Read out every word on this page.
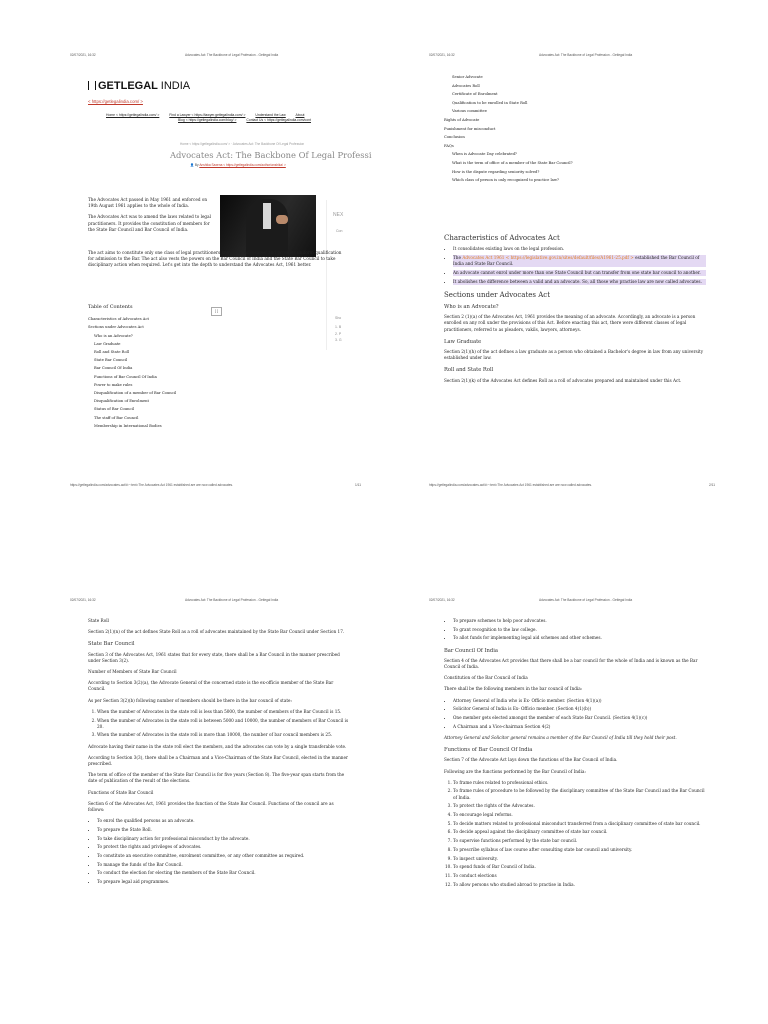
02/07/2021, 16:32	Advocates Act: The Backbone of Legal Profession - Getlegal India
GETLEGAL INDIA
< https://getlegalindia.com/ >
Home < https://getlegalindia.com/ >	Find a Lawyer < https://lawyer.getlegalindia.com/ >	Understand the Law	About
Blog < https://getlegalindia.com/blog/ >	Contact Us < https://getlegalindia.com/cont
Home < https://getlegalindia.com/ > · Advocates Act: The Backbone Of Legal Profession
Advocates Act: The Backbone Of Legal Professi
👤 By Anshika Saxena < https://getlegalindia.com/author/anshika/ >
NEX
Con
Sho
1. B
2. P
3. G

The Advocates Act passed in May 1961 and enforced on 19th August 1961 applies to the whole of India.

The Advocates Act was to amend the laws related to legal practitioners. It provides the constitution of members for the State Bar Council and Bar Council of India.

The act aims to constitute only one class of legal practitioners known as 'Advocates' and provides uniform qualification for admission to the Bar. The act also vests the powers on the Bar Council of India and the State Bar Council to take disciplinary action when required. Let's get into the depth to understand the Advocates Act, 1961 better.

Table of Contents
Characteristics of Advocates Act
Sections under Advocates Act
Who is an Advocate?
Law Graduate
Roll and State Roll
State Bar Council
Bar Council Of India
Functions of Bar Council Of India
Power to make rules
Disqualification of a member of Bar Council
Disqualification of Enrolment
Status of Bar Council
The staff of Bar Council
Membership in International Bodies
[ ]
https://getlegalindia.com/advocates-act/#:~:text=The Advocates Act 1961 established are are now called advocates.	1/11
02/07/2021, 16:32	Advocates Act: The Backbone of Legal Profession - Getlegal India
Senior Advocate
Advocates Roll
Certificate of Enrolment
Qualification to be enrolled in State Roll
Various committee
Rights of Advocate
Punishment for misconduct
Conclusion
FAQs
When is Advocate Day celebrated?
What is the term of office of a member of the State Bar Council?
How is the dispute regarding seniority solved?
Which class of person is only recognized to practice law?
Characteristics of Advocates Act
• It consolidates existing laws on the legal profession.
• The Advocates Act 1961 < https://legislative.gov.in/sites/default/files/A1961-25.pdf > established the Bar Council of India and State Bar Council.
• An advocate cannot enrol under more than one State Council but can transfer from one state bar council to another.
• It abolishes the difference between a valid and an advocate. So, all those who practise law are now called advocates.
Sections under Advocates Act
Who is an Advocate?

Section 2 (1)(a) of the Advocates Act, 1961 provides the meaning of an advocate. Accordingly, an advocate is a person enrolled on any roll under the provisions of this Act. Before enacting this act, there were different classes of legal practitioners, referred to as pleaders, vakils, lawyers, attorneys.

Law Graduate

Section 2(1)(h) of the act defines a law graduate as a person who obtained a Bachelor's degree in law from any university established under law.

Roll and State Roll

Section 2(1)(k) of the Advocates Act defines Roll as a roll of advocates prepared and maintained under this Act.

https://getlegalindia.com/advocates-act/#:~:text=The Advocates Act 1961 established are are now called advocates.	2/11
02/07/2021, 16:32	Advocates Act: The Backbone of Legal Profession - Getlegal India

State Roll

Section 2(1)(n) of the act defines State Roll as a roll of advocates maintained by the State Bar Council under Section 17.

State Bar Council

Section 3 of the Advocates Act, 1961 states that for every state, there shall be a Bar Council in the manner prescribed under Section 3(2).

Number of Members of State Bar Council

According to Section 3(2)(a), the Advocate General of the concerned state is the ex-officio member of the State Bar Council.

As per Section 3(2)(b) following number of members should be there in the bar council of state:

1. When the number of Advocates in the state roll is less than 5000, the number of members of the Bar Council is 15.
2. When the number of Advocates in the state roll is between 5000 and 10000, the number of members of Bar Council is 20.
3. When the number of Advocates in the state roll is more than 10000, the number of bar council members is 25.

Advocate having their name in the state roll elect the members, and the advocates can vote by a single transferable vote.

According to Section 3(3), there shall be a Chairman and a Vice-Chairman of the State Bar Council, elected in the manner prescribed.

The term of office of the member of the State Bar Council is for five years (Section 8). The five-year span starts from the date of publication of the result of the elections.

Functions of State Bar Council

Section 6 of the Advocates Act, 1961 provides the function of the State Bar Council. Functions of the council are as follows:

• To enrol the qualified persons as an advocate.
• To prepare the State Roll.
• To take disciplinary action for professional misconduct by the advocate.
• To protect the rights and privileges of advocates.
• To constitute an executive committee, enrolment committee, or any other committee as required.
• To manage the funds of the Bar Council.
• To conduct the election for electing the members of the State Bar Council.
• To prepare legal aid programmes.
02/07/2021, 16:32	Advocates Act: The Backbone of Legal Profession - Getlegal India
• To prepare schemes to help poor advocates.
• To grant recognition to the law college.
• To allot funds for implementing legal aid schemes and other schemes.
Bar Council Of India

Section 4 of the Advocates Act provides that there shall be a bar council for the whole of India and is known as the Bar Council of India.

Constitution of the Bar Council of India

There shall be the following members in the bar council of India:

• Attorney General of India who is Ex- Officio member. (Section 4(1)(a))
• Solicitor General of India is Ex- Officio member. (Section 4(1)(b))
• One member gets elected amongst the member of each State Bar Council. (Section 4(1)(c))
• A Chairman and a Vice-chairman Section 4(2)

Attorney General and Solicitor general remains a member of the Bar Council of India till they hold their post.

Functions of Bar Council Of India

Section 7 of the Advocate Act lays down the functions of the Bar Council of India.

Following are the functions performed by the Bar Council of India:

1. To frame rules related to professional ethics.
2. To frame rules of procedure to be followed by the disciplinary committee of the State Bar Council and the Bar Council of India.
3. To protect the rights of the Advocates.
4. To encourage legal reforms.
5. To decide matters related to professional misconduct transferred from a disciplinary committee of state bar council.
6. To decide appeal against the disciplinary committee of state bar council.
7. To supervise functions performed by the state bar council.
8. To prescribe syllabus of law course after consulting state bar council and university.
9. To inspect university.
10. To spend funds of Bar Council of India.
11. To conduct elections
12. To allow persons who studied abroad to practise in India.
